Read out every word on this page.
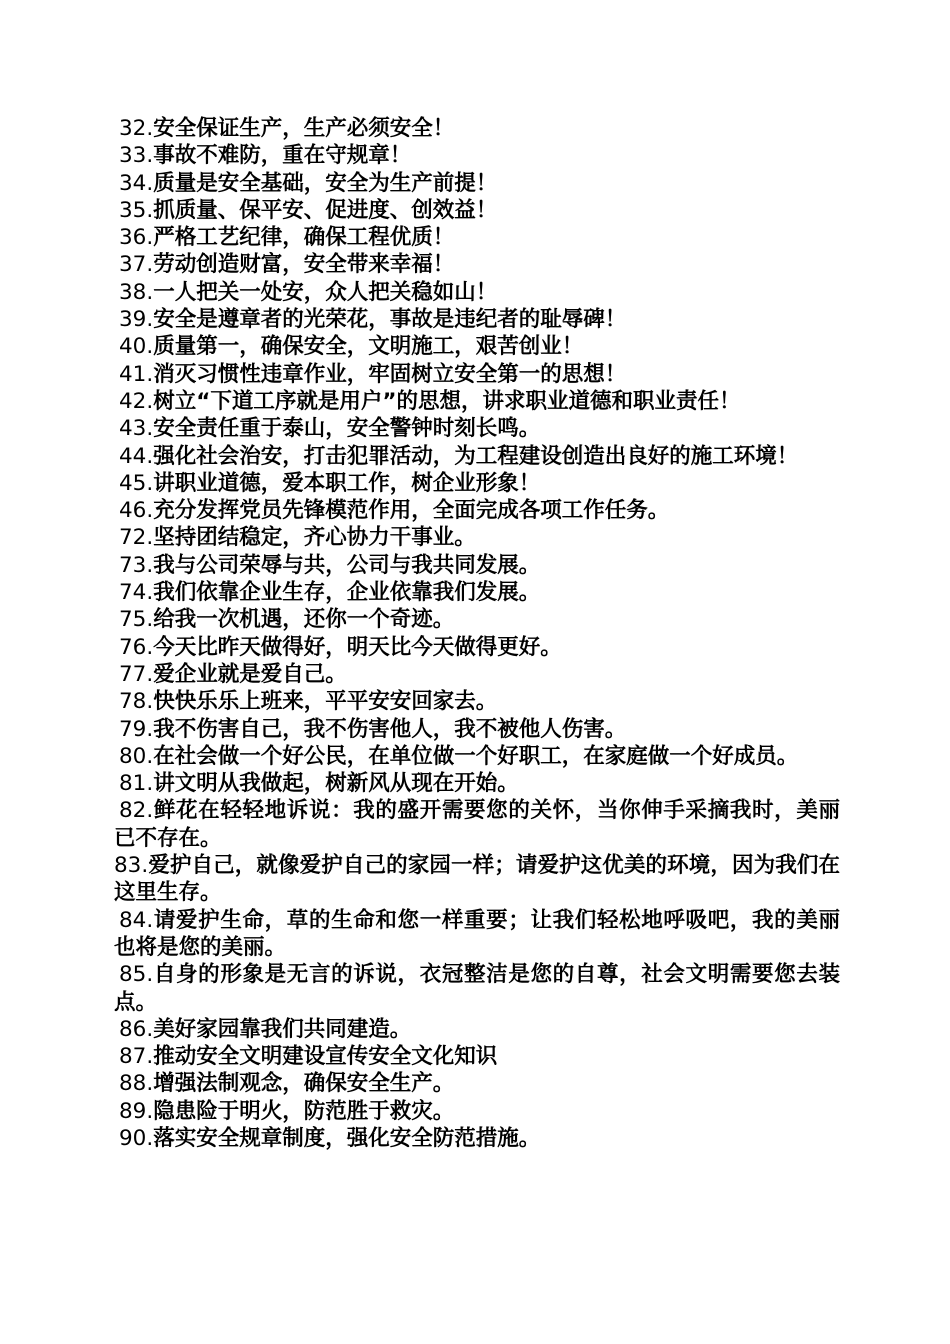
32.安全保证生产，生产必须安全！

33.事故不难防，重在守规章！

34.质量是安全基础，安全为生产前提！

35.抓质量、保平安、促进度、创效益！

36.严格工艺纪律，确保工程优质！

37.劳动创造财富，安全带来幸福！

38.一人把关一处安，众人把关稳如山！

39.安全是遵章者的光荣花，事故是违纪者的耻辱碑！

40.质量第一，确保安全，文明施工，艰苦创业！

41.消灭习惯性违章作业，牢固树立安全第一的思想！

42.树立“下道工序就是用户”的思想，讲求职业道德和职业责任！

43.安全责任重于泰山，安全警钟时刻长鸣。

44.强化社会治安，打击犯罪活动，为工程建设创造出良好的施工环境！

45.讲职业道德，爱本职工作，树企业形象！

46.充分发挥党员先锋模范作用，全面完成各项工作任务。

72.坚持团结稳定，齐心协力干事业。

73.我与公司荣辱与共，公司与我共同发展。

74.我们依靠企业生存，企业依靠我们发展。

75.给我一次机遇，还你一个奇迹。

76.今天比昨天做得好，明天比今天做得更好。

77.爱企业就是爱自己。

78.快快乐乐上班来，平平安安回家去。

79.我不伤害自己，我不伤害他人，我不被他人伤害。

80.在社会做一个好公民，在单位做一个好职工，在家庭做一个好成员。

81.讲文明从我做起，树新风从现在开始。

82.鲜花在轻轻地诉说：我的盛开需要您的关怀，当你伸手采摘我时，美丽已不存在。

83.爱护自己，就像爱护自己的家园一样；请爱护这优美的环境，因为我们在这里生存。

84.请爱护生命，草的生命和您一样重要；让我们轻松地呼吸吧，我的美丽也将是您的美丽。

85.自身的形象是无言的诉说，衣冠整洁是您的自尊，社会文明需要您去装点。

86.美好家园靠我们共同建造。

87.推动安全文明建设宣传安全文化知识

88.增强法制观念，确保安全生产。

89.隐患险于明火，防范胜于救灾。

90.落实安全规章制度，强化安全防范措施。
